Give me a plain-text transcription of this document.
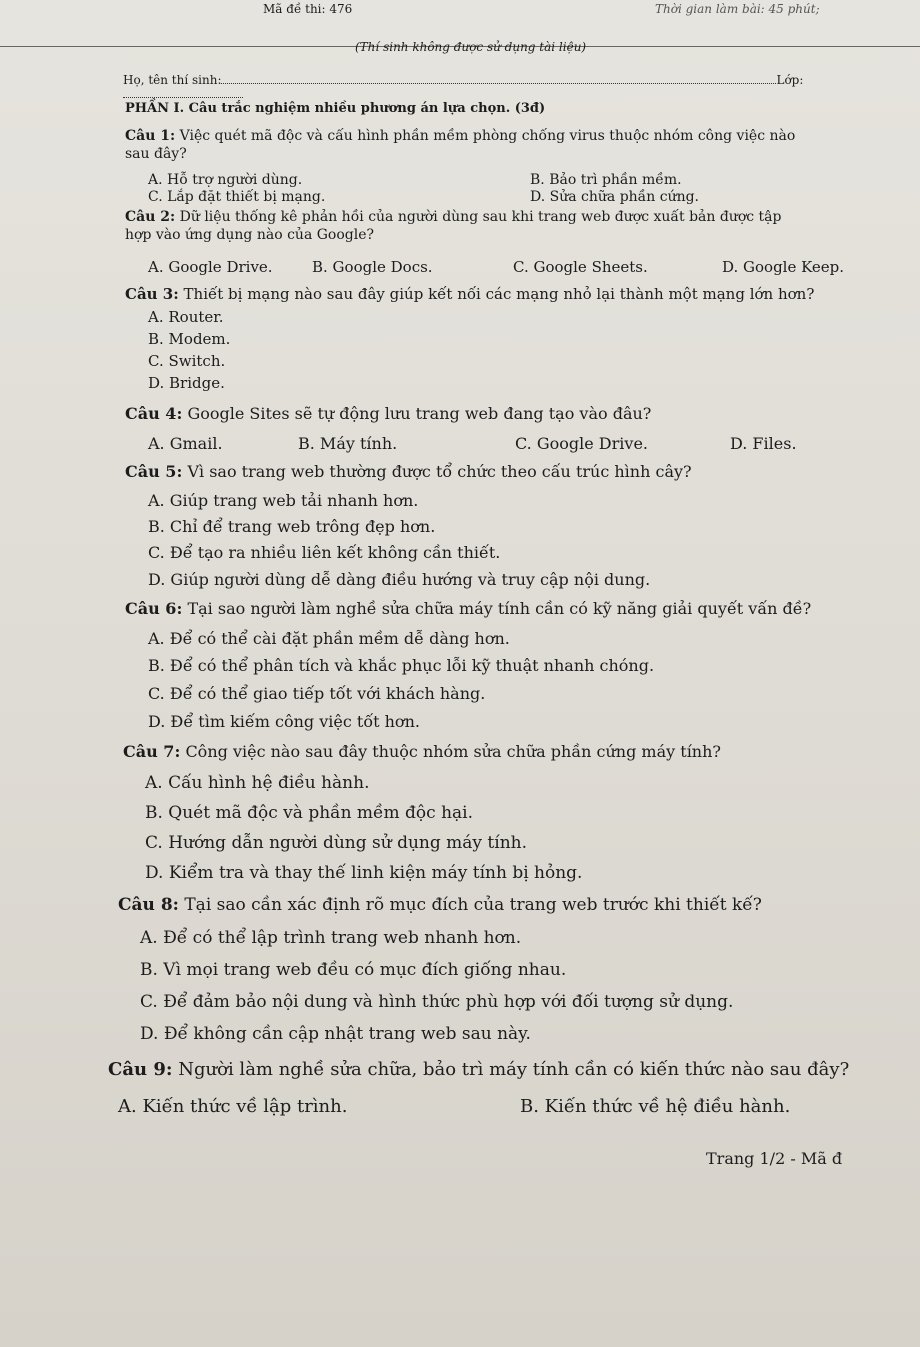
Mã đề thi: 476	Thời gian làm bài: 45 phút;
(Thí sinh không được sử dụng tài liệu)
Họ, tên thí sinh:	Lớp:
PHẦN I. Câu trắc nghiệm nhiều phương án lựa chọn. (3đ)
Câu 1: Việc quét mã độc và cấu hình phần mềm phòng chống virus thuộc nhóm công việc nào
sau đây?
A. Hỗ trợ người dùng.	B. Bảo trì phần mềm.
C. Lắp đặt thiết bị mạng.	D. Sửa chữa phần cứng.
Câu 2: Dữ liệu thống kê phản hồi của người dùng sau khi trang web được xuất bản được tập
hợp vào ứng dụng nào của Google?
A. Google Drive.	B. Google Docs.	C. Google Sheets.	D. Google Keep.
Câu 3: Thiết bị mạng nào sau đây giúp kết nối các mạng nhỏ lại thành một mạng lớn hơn?
A. Router.
B. Modem.
C. Switch.
D. Bridge.
Câu 4: Google Sites sẽ tự động lưu trang web đang tạo vào đâu?
A. Gmail.	B. Máy tính.	C. Google Drive.	D. Files.
Câu 5: Vì sao trang web thường được tổ chức theo cấu trúc hình cây?
A. Giúp trang web tải nhanh hơn.
B. Chỉ để trang web trông đẹp hơn.
C. Để tạo ra nhiều liên kết không cần thiết.
D. Giúp người dùng dễ dàng điều hướng và truy cập nội dung.
Câu 6: Tại sao người làm nghề sửa chữa máy tính cần có kỹ năng giải quyết vấn đề?
A. Để có thể cài đặt phần mềm dễ dàng hơn.
B. Để có thể phân tích và khắc phục lỗi kỹ thuật nhanh chóng.
C. Để có thể giao tiếp tốt với khách hàng.
D. Để tìm kiếm công việc tốt hơn.
Câu 7: Công việc nào sau đây thuộc nhóm sửa chữa phần cứng máy tính?
A. Cấu hình hệ điều hành.
B. Quét mã độc và phần mềm độc hại.
C. Hướng dẫn người dùng sử dụng máy tính.
D. Kiểm tra và thay thế linh kiện máy tính bị hỏng.
Câu 8: Tại sao cần xác định rõ mục đích của trang web trước khi thiết kế?
A. Để có thể lập trình trang web nhanh hơn.
B. Vì mọi trang web đều có mục đích giống nhau.
C. Để đảm bảo nội dung và hình thức phù hợp với đối tượng sử dụng.
D. Để không cần cập nhật trang web sau này.
Câu 9: Người làm nghề sửa chữa, bảo trì máy tính cần có kiến thức nào sau đây?
A. Kiến thức về lập trình.	B. Kiến thức về hệ điều hành.
Trang 1/2 - Mã đ
